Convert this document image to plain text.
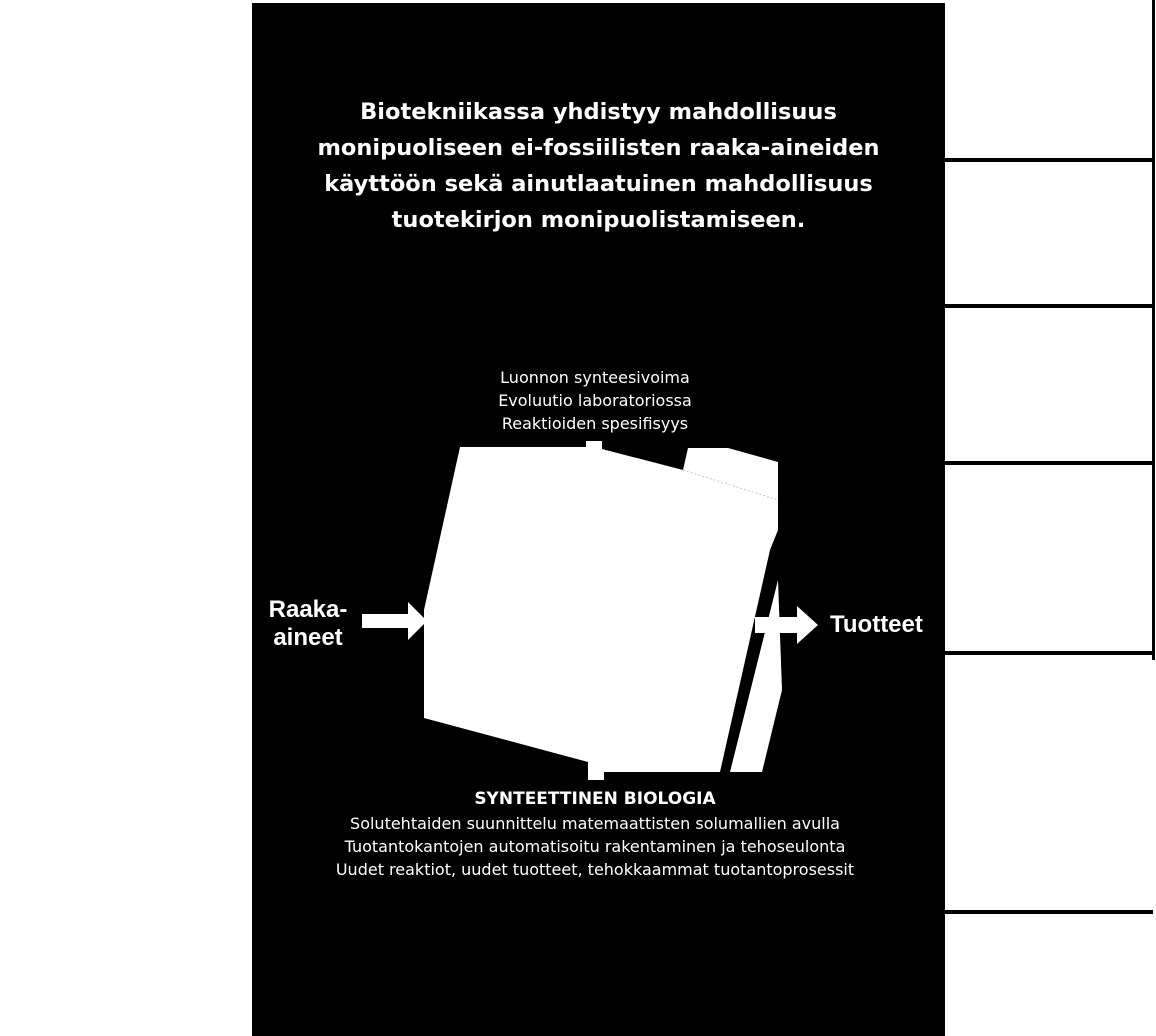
Biotekniikassa yhdistyy mahdollisuus
monipuoliseen ei-fossiilisten raaka-aineiden
käyttöön sekä ainutlaatuinen mahdollisuus
tuotekirjon monipuolistamiseen.
Luonnon synteesivoima
Evoluutio laboratoriossa
Reaktioiden spesifisyys
Raaka-
aineet	Tuotteet
SYNTEETTINEN BIOLOGIA
Solutehtaiden suunnittelu matemaattisten solumallien avulla
Tuotantokantojen automatisoitu rakentaminen ja tehoseulonta
Uudet reaktiot, uudet tuotteet, tehokkaammat tuotantoprosessit
